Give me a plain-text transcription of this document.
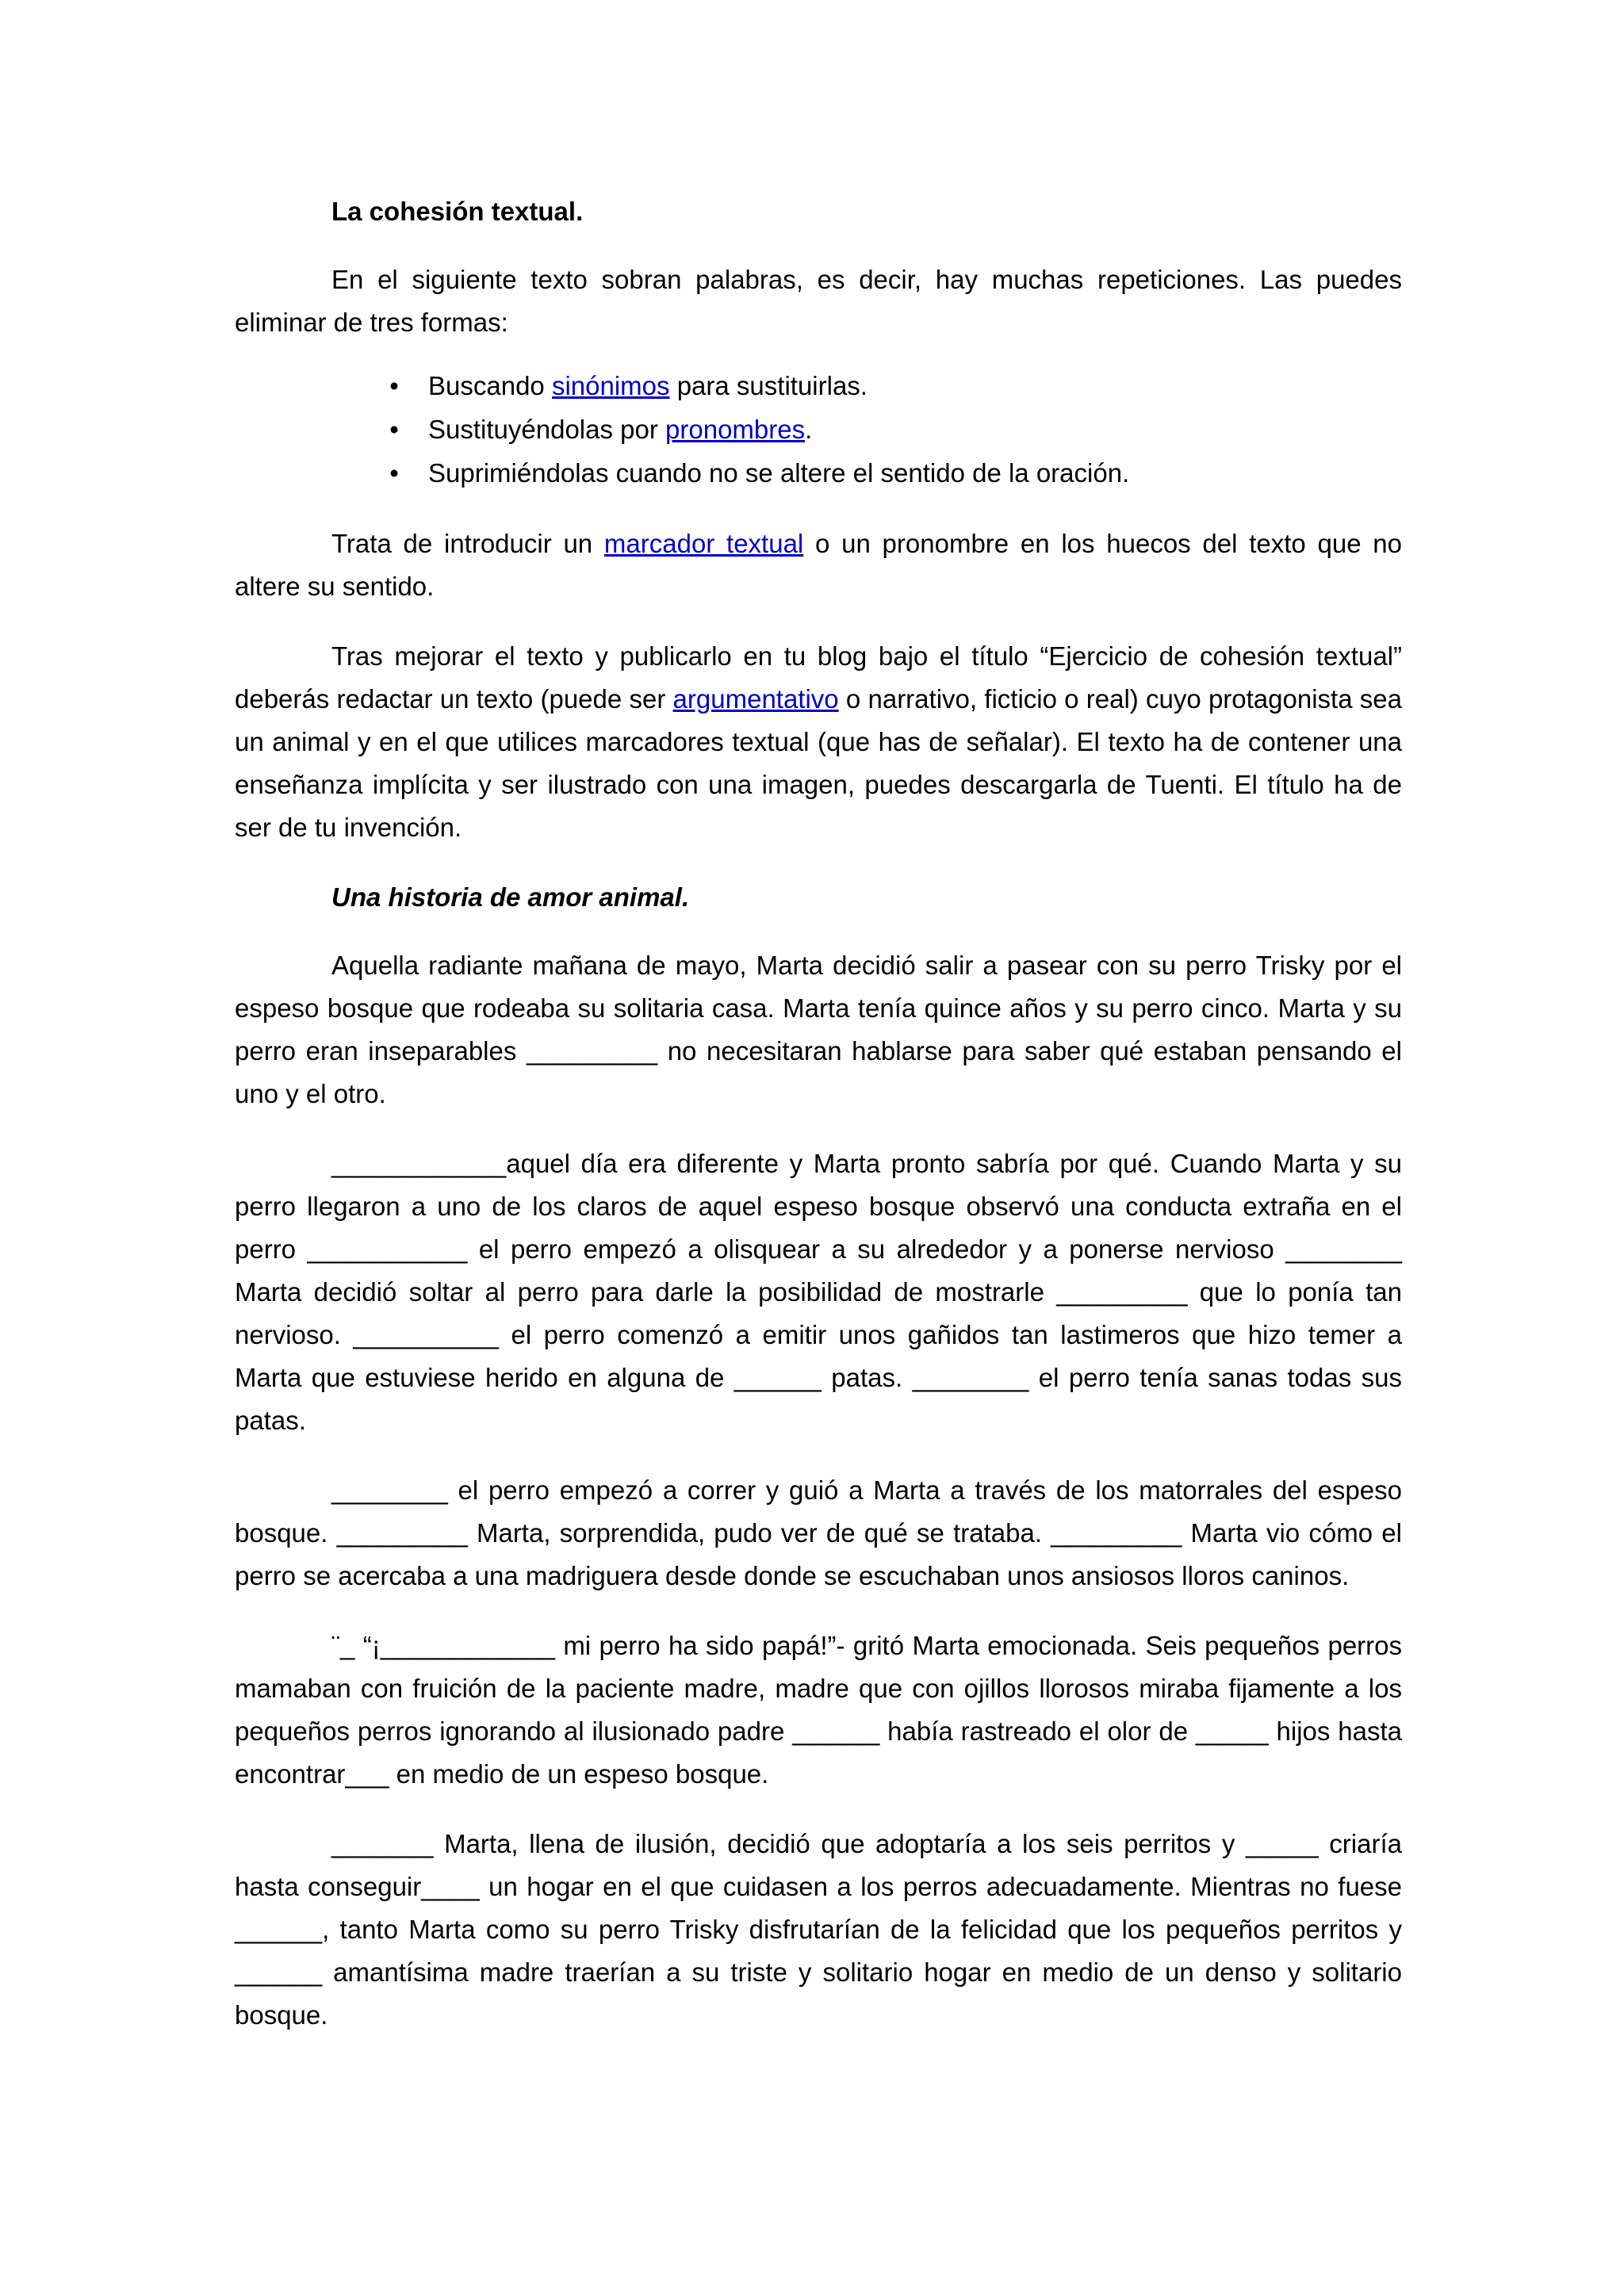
La cohesión textual.

En el siguiente texto sobran palabras, es decir, hay muchas repeticiones. Las puedes eliminar de tres formas:

• Buscando sinónimos para sustituirlas.
• Sustituyéndolas por pronombres.
• Suprimiéndolas cuando no se altere el sentido de la oración.

Trata de introducir un marcador textual o un pronombre en los huecos del texto que no altere su sentido.

Tras mejorar el texto y publicarlo en tu blog bajo el título “Ejercicio de cohesión textual” deberás redactar un texto (puede ser argumentativo o narrativo, ficticio o real) cuyo protagonista sea un animal y en el que utilices marcadores textual (que has de señalar). El texto ha de contener una enseñanza implícita y ser ilustrado con una imagen, puedes descargarla de Tuenti. El título ha de ser de tu invención.

Una historia de amor animal.

Aquella radiante mañana de mayo, Marta decidió salir a pasear con su perro Trisky por el espeso bosque que rodeaba su solitaria casa. Marta tenía quince años y su perro cinco. Marta y su perro eran inseparables _________ no necesitaran hablarse para saber qué estaban pensando el uno y el otro.

____________aquel día era diferente y Marta pronto sabría por qué. Cuando Marta y su perro llegaron a uno de los claros de aquel espeso bosque observó una conducta extraña en el perro ___________ el perro empezó a olisquear a su alrededor y a ponerse nervioso ________ Marta decidió soltar al perro para darle la posibilidad de mostrarle _________ que lo ponía tan nervioso. __________ el perro comenzó a emitir unos gañidos tan lastimeros que hizo temer a Marta que estuviese herido en alguna de ______ patas. ________ el perro tenía sanas todas sus patas.

________ el perro empezó a correr y guió a Marta a través de los matorrales del espeso bosque. _________ Marta, sorprendida, pudo ver de qué se trataba. _________ Marta vio cómo el perro se acercaba a una madriguera desde donde se escuchaban unos ansiosos lloros caninos.

¨_ “¡____________ mi perro ha sido papá!”- gritó Marta emocionada. Seis pequeños perros mamaban con fruición de la paciente madre, madre que con ojillos llorosos miraba fijamente a los pequeños perros ignorando al ilusionado padre ______ había rastreado el olor de _____ hijos hasta encontrar___ en medio de un espeso bosque.

_______ Marta, llena de ilusión, decidió que adoptaría a los seis perritos y _____ criaría hasta conseguir____ un hogar en el que cuidasen a los perros adecuadamente. Mientras no fuese ______, tanto Marta como su perro Trisky disfrutarían de la felicidad que los pequeños perritos y ______ amantísima madre traerían a su triste y solitario hogar en medio de un denso y solitario bosque.
